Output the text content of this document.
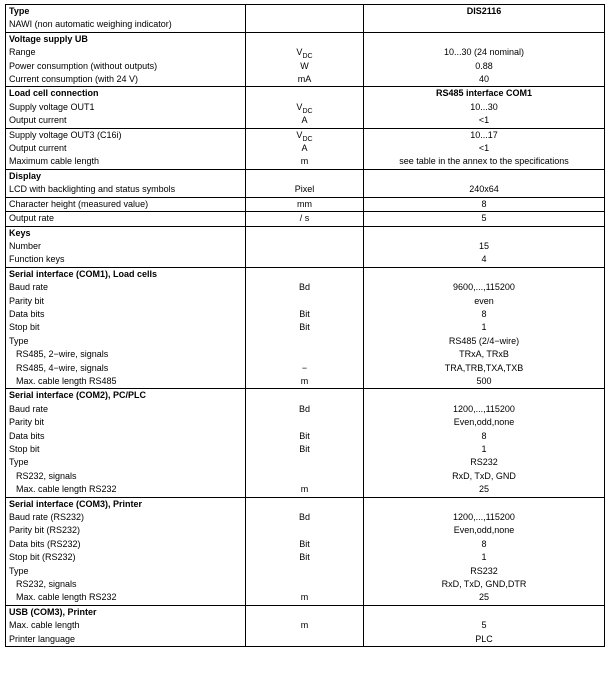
Type		DIS2116
NAWI (non automatic weighing indicator)		
Voltage supply UB		
Range	$V_{DC}$	10...30 (24 nominal)
Power consumption (without outputs)	W	0.88
Current consumption (with 24 V)	mA	40
Load cell connection		RS485 interface COM1
Supply voltage OUT1	$V_{DC}$	10...30
Output current	A	<1
Supply voltage OUT3 (C16i)	$V_{DC}$	10...17
Output current	A	<1
Maximum cable length	m	see table in the annex to the specifications
Display		
LCD with backlighting and status symbols	Pixel	240x64
Character height (measured value)	mm	8
Output rate	/ s	5
Keys		
Number		15
Function keys		4
Serial interface (COM1), Load cells		
Baud rate	Bd	9600,...,115200
Parity bit		even
Data bits	Bit	8
Stop bit	Bit	1
Type		RS485 (2/4−wire)
RS485, 2−wire, signals		TRxA, TRxB
RS485, 4−wire, signals	−	TRA,TRB,TXA,TXB
Max. cable length RS485	m	500
Serial interface (COM2), PC/PLC		
Baud rate	Bd	1200,...,115200
Parity bit		Even,odd,none
Data bits	Bit	8
Stop bit	Bit	1
Type		RS232
RS232, signals		RxD, TxD, GND
Max. cable length RS232	m	25
Serial interface (COM3), Printer		
Baud rate (RS232)	Bd	1200,...,115200
Parity bit (RS232)		Even,odd,none
Data bits (RS232)	Bit	8
Stop bit (RS232)	Bit	1
Type		RS232
RS232, signals		RxD, TxD, GND,DTR
Max. cable length RS232	m	25
USB (COM3), Printer		
Max. cable length	m	5
Printer language		PLC
